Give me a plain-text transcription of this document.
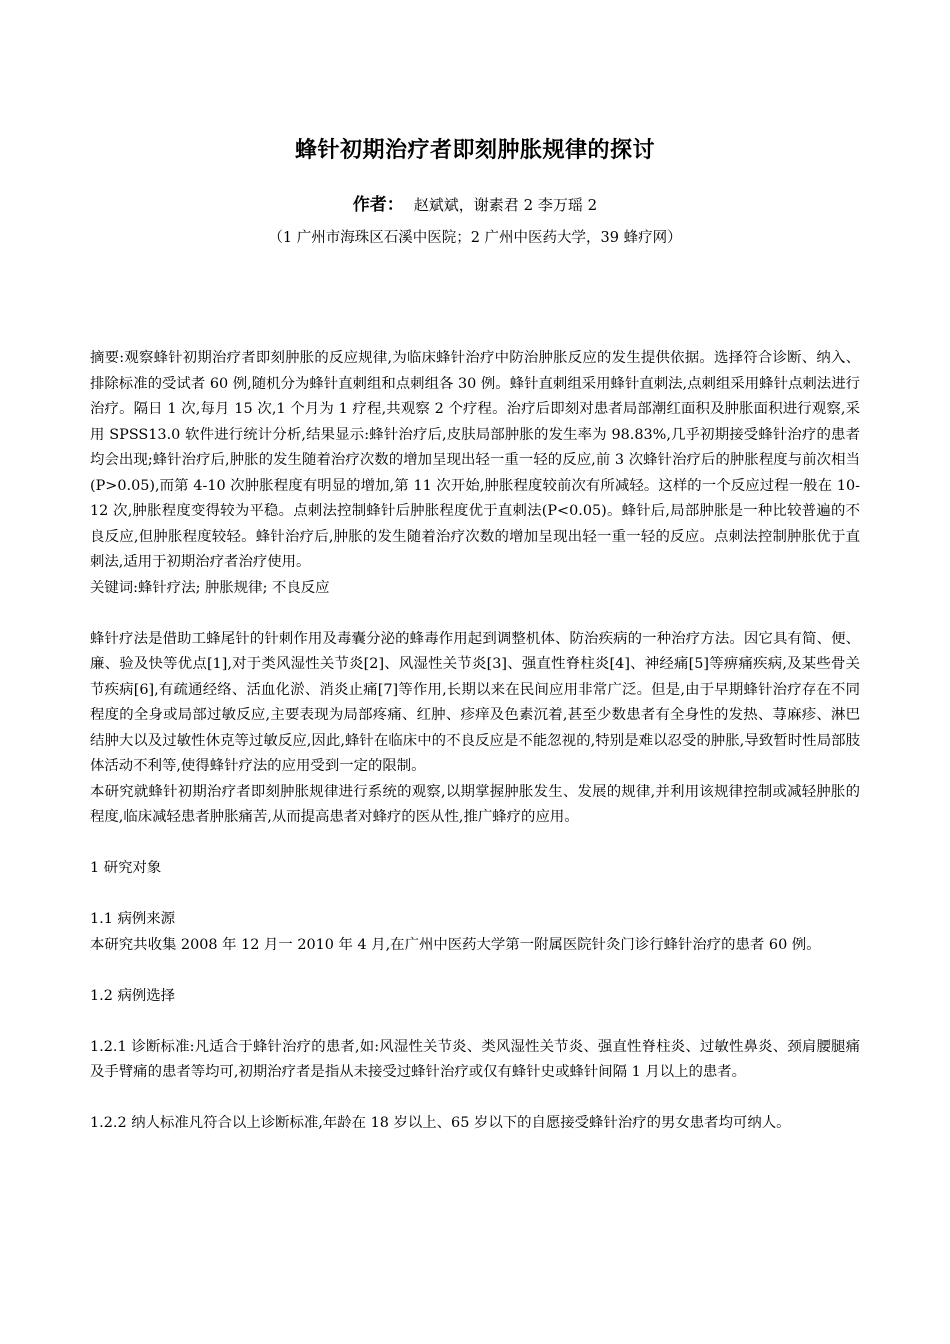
蜂针初期治疗者即刻肿胀规律的探讨
作者： 赵斌斌，谢素君 2 李万瑶 2
（1 广州市海珠区石溪中医院；2 广州中医药大学，39 蜂疗网）

摘要:观察蜂针初期治疗者即刻肿胀的反应规律,为临床蜂针治疗中防治肿胀反应的发生提供依据。选择符合诊断、纳入、排除标准的受试者 60 例,随机分为蜂针直刺组和点刺组各 30 例。蜂针直刺组采用蜂针直刺法,点刺组采用蜂针点刺法进行治疗。隔日 1 次,每月 15 次,1 个月为 1 疗程,共观察 2 个疗程。治疗后即刻对患者局部潮红面积及肿胀面积进行观察,采用 SPSS13.0 软件进行统计分析,结果显示:蜂针治疗后,皮肤局部肿胀的发生率为 98.83%,几乎初期接受蜂针治疗的患者均会出现;蜂针治疗后,肿胀的发生随着治疗次数的增加呈现出轻一重一轻的反应,前 3 次蜂针治疗后的肿胀程度与前次相当(P>0.05),而第 4-10 次肿胀程度有明显的增加,第 11 次开始,肿胀程度较前次有所减轻。这样的一个反应过程一般在 10-12 次,肿胀程度变得较为平稳。点刺法控制蜂针后肿胀程度优于直刺法(P<0.05)。蜂针后,局部肿胀是一种比较普遍的不良反应,但肿胀程度较轻。蜂针治疗后,肿胀的发生随着治疗次数的增加呈现出轻一重一轻的反应。点刺法控制肿胀优于直刺法,适用于初期治疗者治疗使用。

关键词:蜂针疗法; 肿胀规律; 不良反应

蜂针疗法是借助工蜂尾针的针刺作用及毒囊分泌的蜂毒作用起到调整机体、防治疾病的一种治疗方法。因它具有简、便、廉、验及快等优点[1],对于类风湿性关节炎[2]、风湿性关节炎[3]、强直性脊柱炎[4]、神经痛[5]等痹痛疾病,及某些骨关节疾病[6],有疏通经络、活血化淤、消炎止痛[7]等作用,长期以来在民间应用非常广泛。但是,由于早期蜂针治疗存在不同程度的全身或局部过敏反应,主要表现为局部疼痛、红肿、疹痒及色素沉着,甚至少数患者有全身性的发热、荨麻疹、淋巴结肿大以及过敏性休克等过敏反应,因此,蜂针在临床中的不良反应是不能忽视的,特别是难以忍受的肿胀,导致暂时性局部肢体活动不利等,使得蜂针疗法的应用受到一定的限制。

本研究就蜂针初期治疗者即刻肿胀规律进行系统的观察,以期掌握肿胀发生、发展的规律,并利用该规律控制或减轻肿胀的程度,临床减轻患者肿胀痛苦,从而提高患者对蜂疗的医从性,推广蜂疗的应用。

1 研究对象

1.1 病例来源

本研究共收集 2008 年 12 月一 2010 年 4 月,在广州中医药大学第一附属医院针灸门诊行蜂针治疗的患者 60 例。

1.2 病例选择

1.2.1 诊断标准:凡适合于蜂针治疗的患者,如:风湿性关节炎、类风湿性关节炎、强直性脊柱炎、过敏性鼻炎、颈肩腰腿痛及手臂痛的患者等均可,初期治疗者是指从未接受过蜂针治疗或仅有蜂针史或蜂针间隔 1 月以上的患者。

1.2.2 纳人标准凡符合以上诊断标准,年龄在 18 岁以上、65 岁以下的自愿接受蜂针治疗的男女患者均可纳人。
